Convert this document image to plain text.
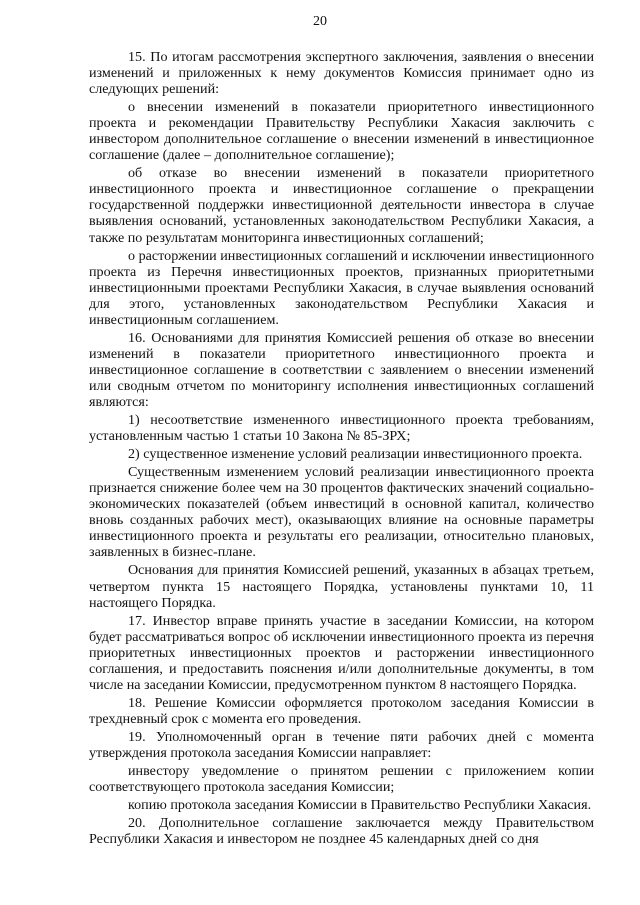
20

15. По итогам рассмотрения экспертного заключения, заявления о внесении изменений и приложенных к нему документов Комиссия принимает одно из следующих решений:

о внесении изменений в показатели приоритетного инвестиционного проекта и рекомендации Правительству Республики Хакасия заключить с инвестором дополнительное соглашение о внесении изменений в инвестиционное соглашение (далее – дополнительное соглашение);

об отказе во внесении изменений в показатели приоритетного инвестиционного проекта и инвестиционное соглашение о прекращении государственной поддержки инвестиционной деятельности инвестора в случае выявления оснований, установленных законодательством Республики Хакасия, а также по результатам мониторинга инвестиционных соглашений;

о расторжении инвестиционных соглашений и исключении инвестиционного проекта из Перечня инвестиционных проектов, признанных приоритетными инвестиционными проектами Республики Хакасия, в случае выявления оснований для этого, установленных законодательством Республики Хакасия и инвестиционным соглашением.

16. Основаниями для принятия Комиссией решения об отказе во внесении изменений в показатели приоритетного инвестиционного проекта и инвестиционное соглашение в соответствии с заявлением о внесении изменений или сводным отчетом по мониторингу исполнения инвестиционных соглашений являются:

1) несоответствие измененного инвестиционного проекта требованиям, установленным частью 1 статьи 10 Закона № 85-ЗРХ;

2) существенное изменение условий реализации инвестиционного проекта.

Существенным изменением условий реализации инвестиционного проекта признается снижение более чем на 30 процентов фактических значений социально-экономических показателей (объем инвестиций в основной капитал, количество вновь созданных рабочих мест), оказывающих влияние на основные параметры инвестиционного проекта и результаты его реализации, относительно плановых, заявленных в бизнес-плане.

Основания для принятия Комиссией решений, указанных в абзацах третьем, четвертом пункта 15 настоящего Порядка, установлены пунктами 10, 11 настоящего Порядка.

17. Инвестор вправе принять участие в заседании Комиссии, на котором будет рассматриваться вопрос об исключении инвестиционного проекта из перечня приоритетных инвестиционных проектов и расторжении инвестиционного соглашения, и предоставить пояснения и/или дополнительные документы, в том числе на заседании Комиссии, предусмотренном пунктом 8 настоящего Порядка.

18. Решение Комиссии оформляется протоколом заседания Комиссии в трехдневный срок с момента его проведения.

19. Уполномоченный орган в течение пяти рабочих дней с момента утверждения протокола заседания Комиссии направляет:

инвестору уведомление о принятом решении с приложением копии соответствующего протокола заседания Комиссии;

копию протокола заседания Комиссии в Правительство Республики Хакасия.

20. Дополнительное соглашение заключается между Правительством Республики Хакасия и инвестором не позднее 45 календарных дней со дня
